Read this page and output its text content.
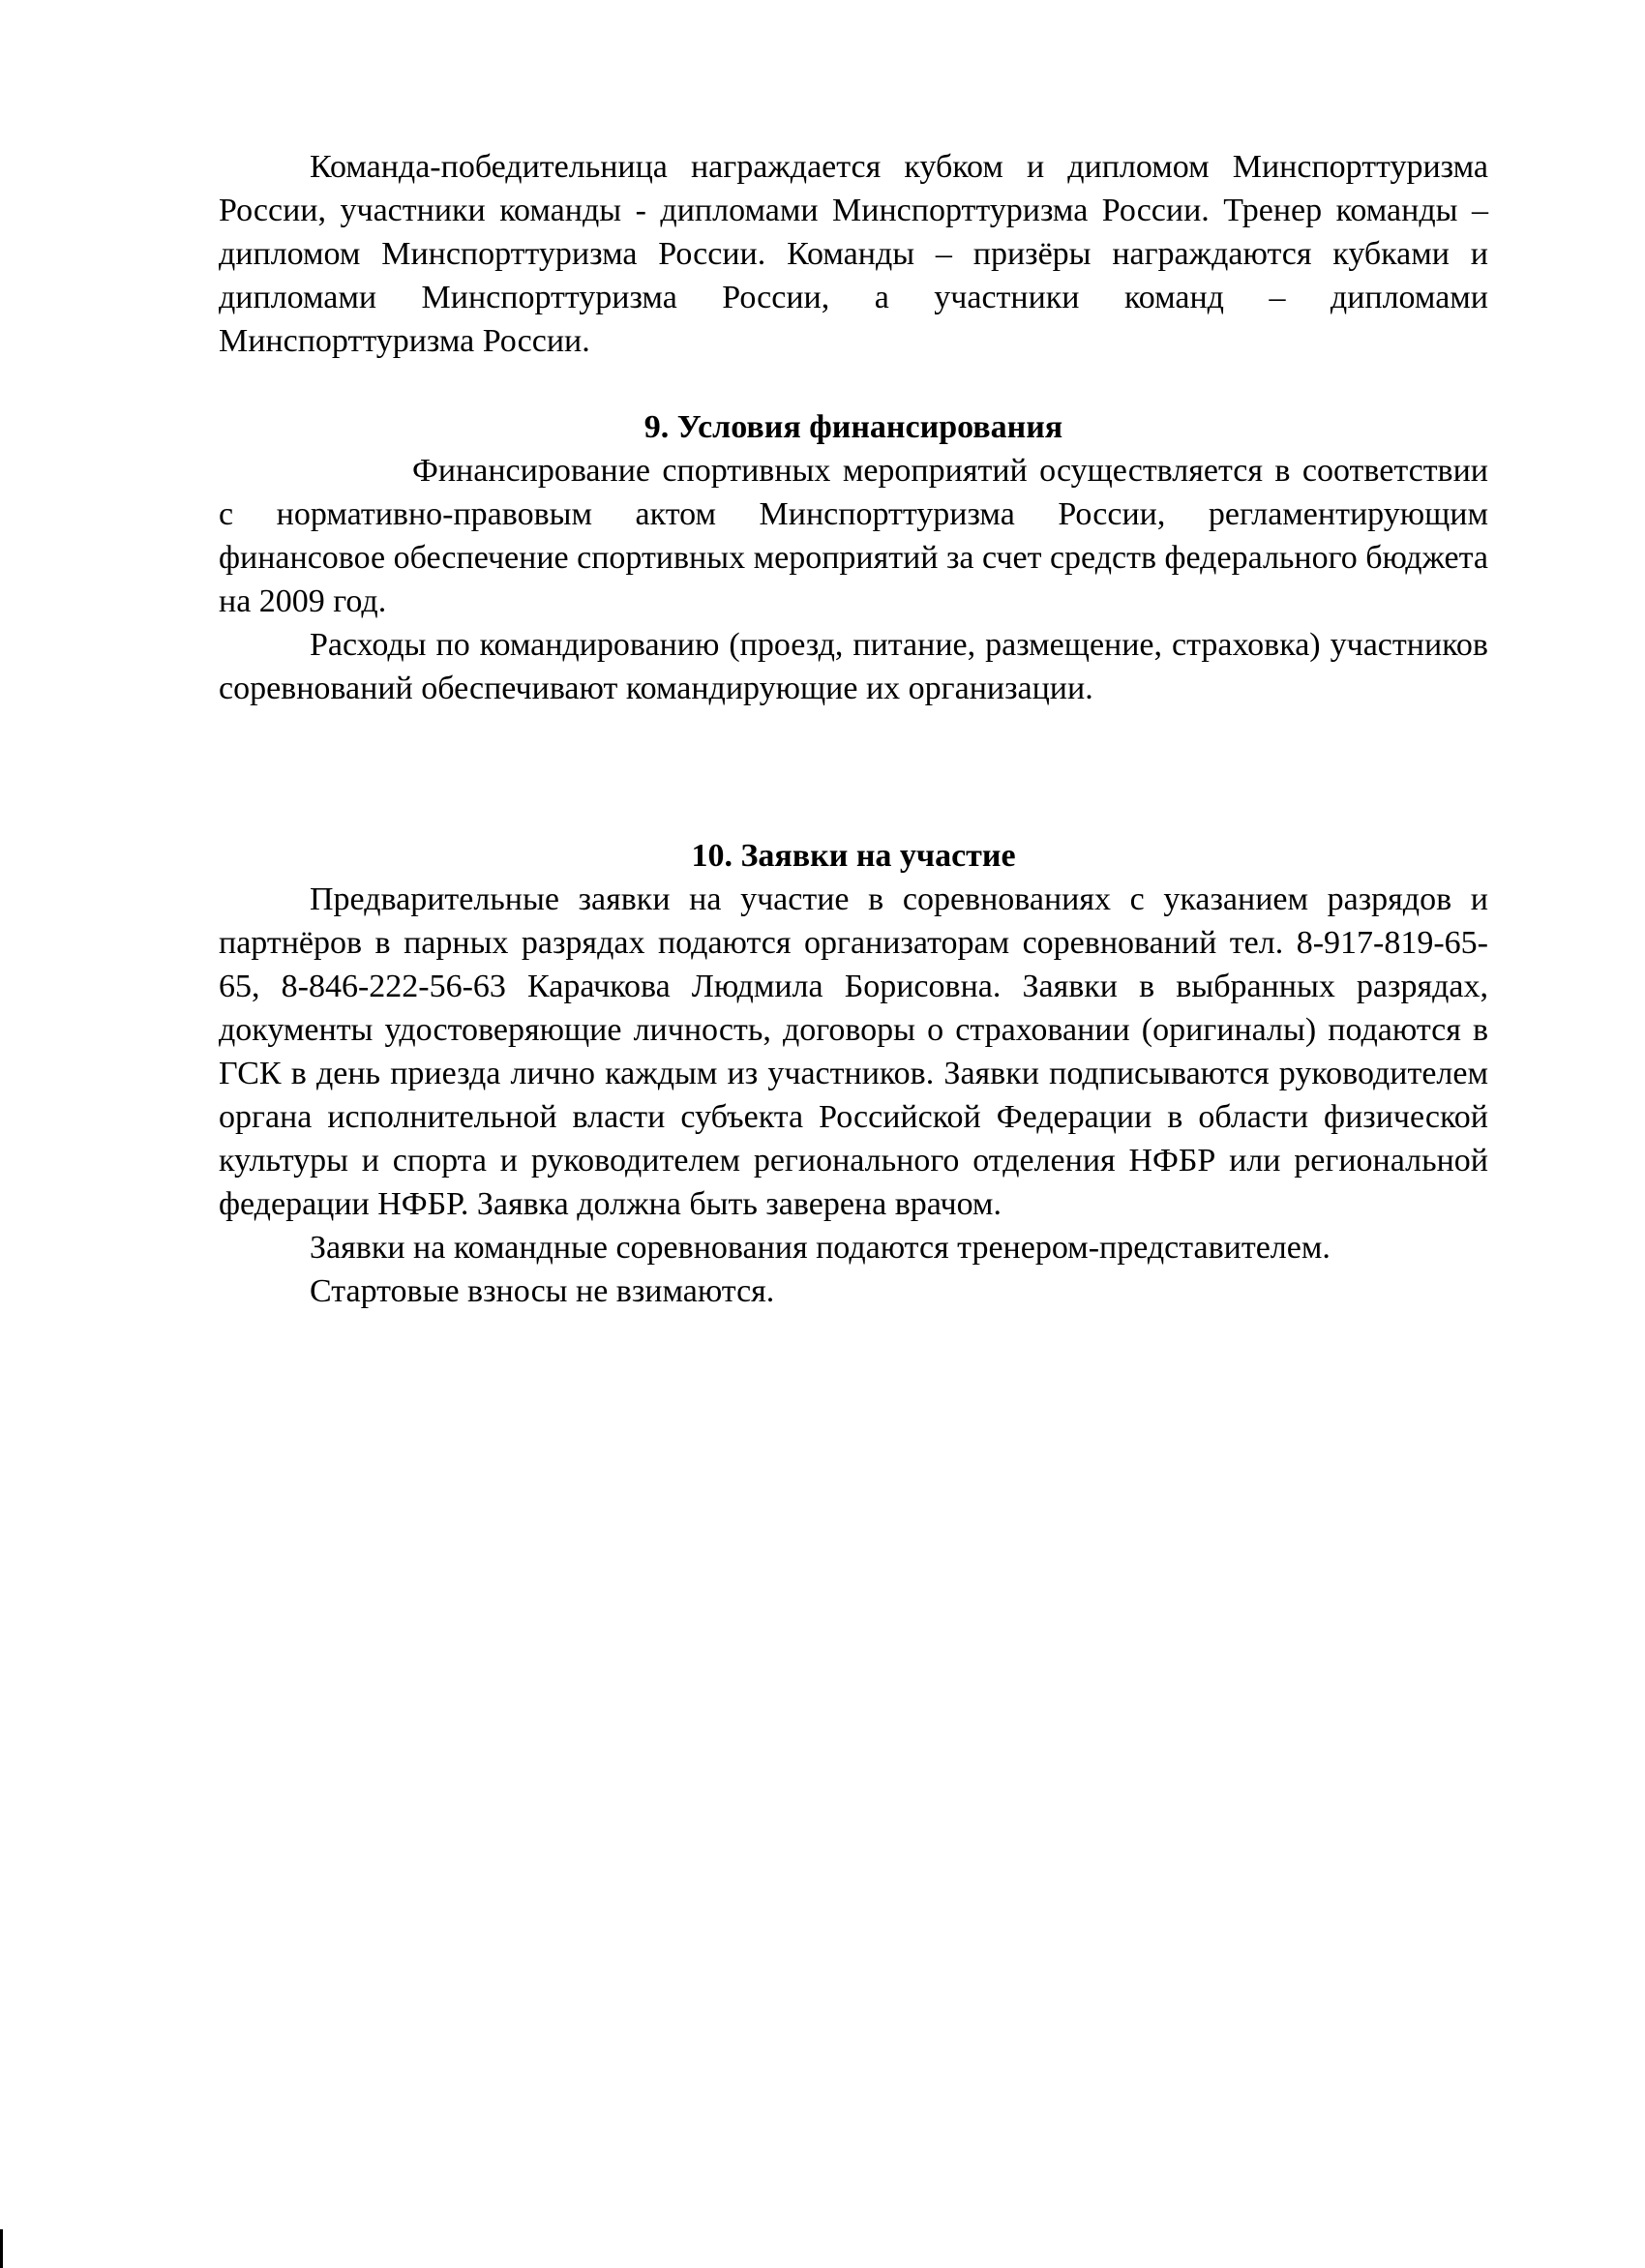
Команда-победительница награждается кубком и дипломом Минспорттуризма России, участники команды - дипломами Минспорттуризма России. Тренер команды – дипломом Минспорттуризма России. Команды – призёры награждаются кубками и дипломами Минспорттуризма России, а участники команд – дипломами Минспорттуризма России.

9. Условия финансирования

Финансирование спортивных мероприятий осуществляется в соответствии с нормативно-правовым актом Минспорттуризма России, регламентирующим финансовое обеспечение спортивных мероприятий за счет средств федерального бюджета на 2009 год.

Расходы по командированию (проезд, питание, размещение, страховка) участников соревнований обеспечивают командирующие их организации.

10. Заявки на участие

Предварительные заявки на участие в соревнованиях с указанием разрядов и партнёров в парных разрядах подаются организаторам соревнований тел. 8-917-819-65-65, 8-846-222-56-63 Карачкова Людмила Борисовна. Заявки в выбранных разрядах, документы удостоверяющие личность, договоры о страховании (оригиналы) подаются в ГСК в день приезда лично каждым из участников. Заявки подписываются руководителем органа исполнительной власти субъекта Российской Федерации в области физической культуры и спорта и руководителем регионального отделения НФБР или региональной федерации НФБР. Заявка должна быть заверена врачом.

Заявки на командные соревнования подаются тренером-представителем.

Стартовые взносы не взимаются.
